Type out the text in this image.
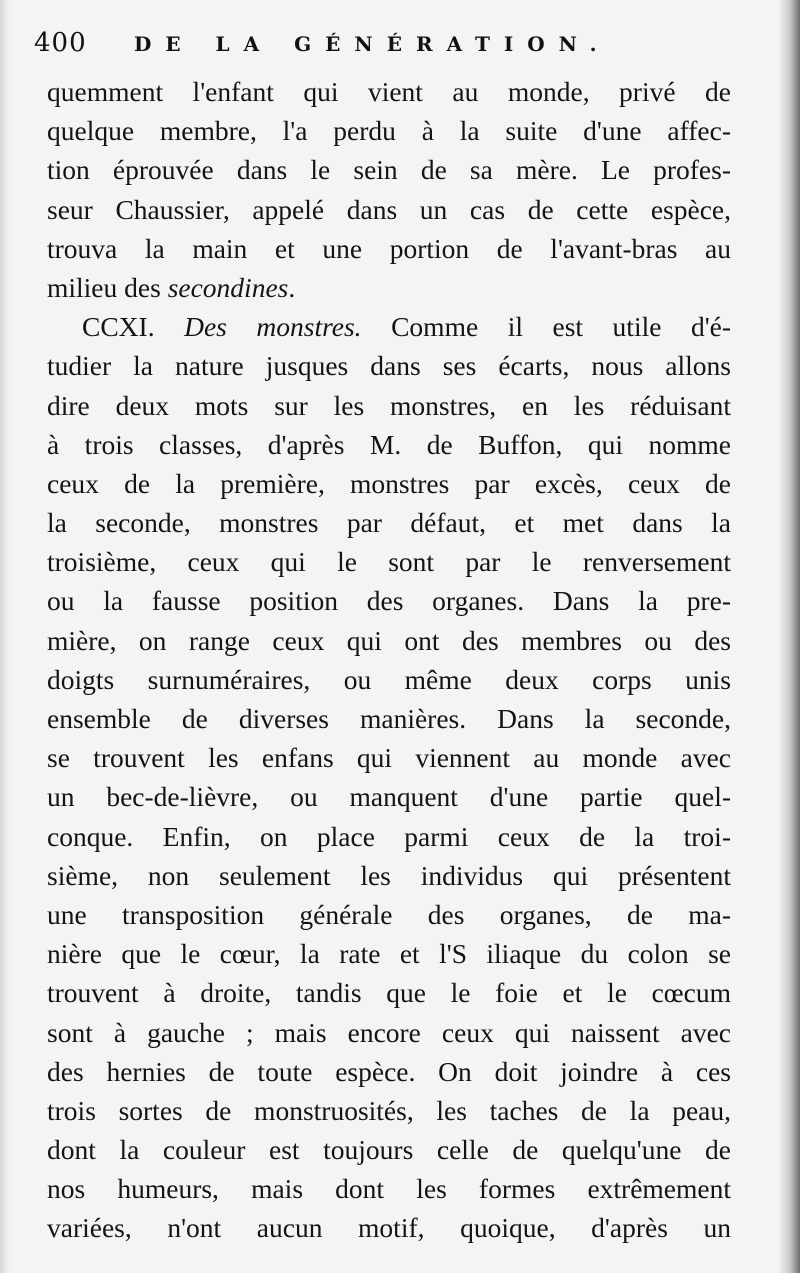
400 DE LA GÉNÉRATION.
quemment l'enfant qui vient au monde, privé de
quelque membre, l'a perdu à la suite d'une affec-
tion éprouvée dans le sein de sa mère. Le profes-
seur Chaussier, appelé dans un cas de cette espèce,
trouva la main et une portion de l'avant-bras au
milieu des secondines.
CCXI. Des monstres. Comme il est utile d'é-
tudier la nature jusques dans ses écarts, nous allons
dire deux mots sur les monstres, en les réduisant
à trois classes, d'après M. de Buffon, qui nomme
ceux de la première, monstres par excès, ceux de
la seconde, monstres par défaut, et met dans la
troisième, ceux qui le sont par le renversement
ou la fausse position des organes. Dans la pre-
mière, on range ceux qui ont des membres ou des
doigts surnuméraires, ou même deux corps unis
ensemble de diverses manières. Dans la seconde,
se trouvent les enfans qui viennent au monde avec
un bec-de-lièvre, ou manquent d'une partie quel-
conque. Enfin, on place parmi ceux de la troi-
sième, non seulement les individus qui présentent
une transposition générale des organes, de ma-
nière que le cœur, la rate et l'S iliaque du colon se
trouvent à droite, tandis que le foie et le cœcum
sont à gauche ; mais encore ceux qui naissent avec
des hernies de toute espèce. On doit joindre à ces
trois sortes de monstruosités, les taches de la peau,
dont la couleur est toujours celle de quelqu'une de
nos humeurs, mais dont les formes extrêmement
variées, n'ont aucun motif, quoique, d'après un
